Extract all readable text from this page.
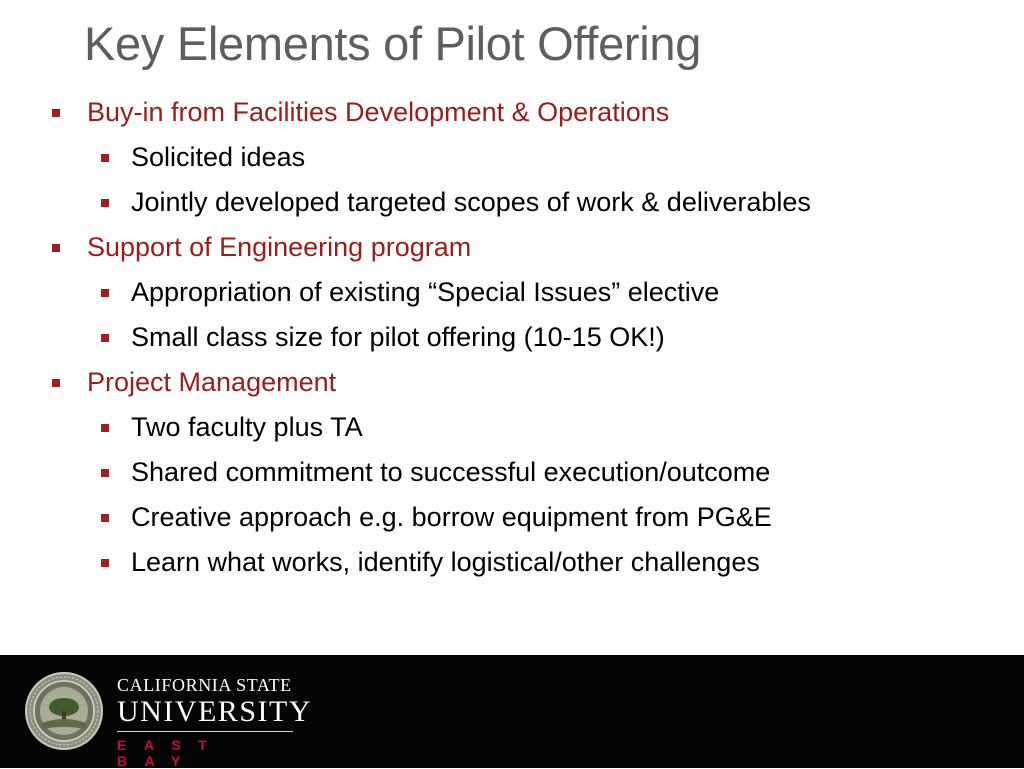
Key Elements of Pilot Offering
Buy-in from Facilities Development & Operations
Solicited ideas
Jointly developed targeted scopes of work & deliverables
Support of Engineering program
Appropriation of existing “Special Issues” elective
Small class size for pilot offering (10-15 OK!)
Project Management
Two faculty plus TA
Shared commitment to successful execution/outcome
Creative approach e.g. borrow equipment from PG&E
Learn what works, identify logistical/other challenges
CALIFORNIA STATE
UNIVERSITY
EAST BAY
